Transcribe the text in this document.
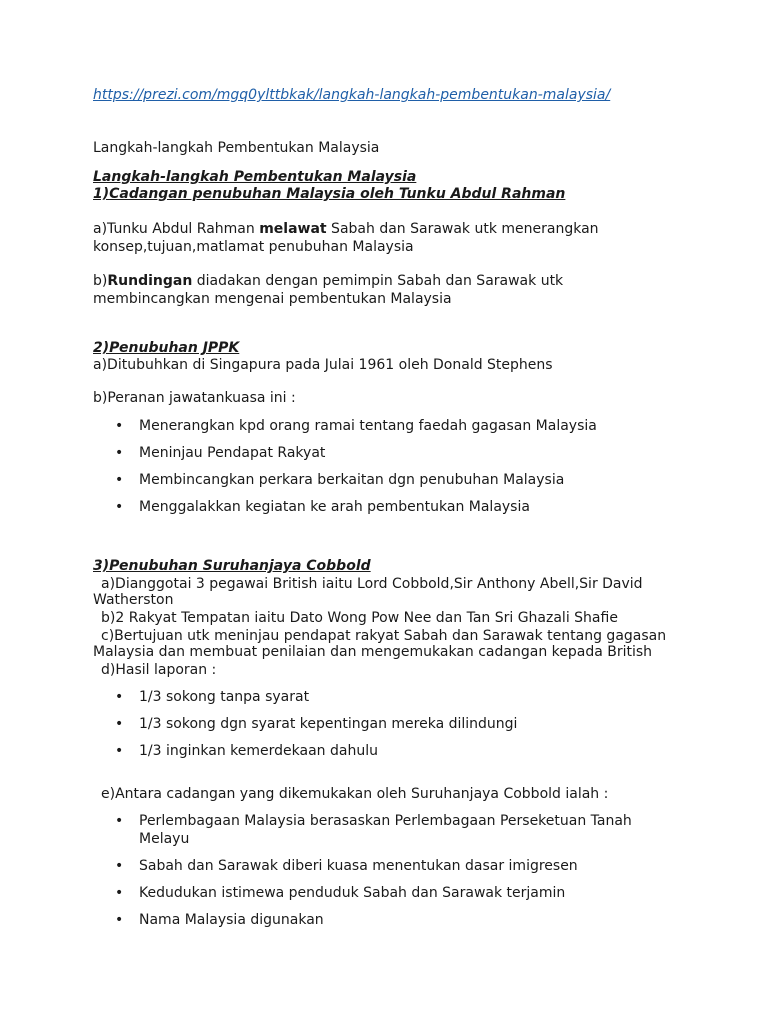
https://prezi.com/mgq0ylttbkak/langkah-langkah-pembentukan-malaysia/
Langkah-langkah Pembentukan Malaysia
Langkah-langkah Pembentukan Malaysia
1)Cadangan penubuhan Malaysia oleh Tunku Abdul Rahman
a)Tunku Abdul Rahman melawat Sabah dan Sarawak utk menerangkan
konsep,tujuan,matlamat penubuhan Malaysia
b)Rundingan diadakan dengan pemimpin Sabah dan Sarawak utk
membincangkan mengenai pembentukan Malaysia
2)Penubuhan JPPK
a)Ditubuhkan di Singapura pada Julai 1961 oleh Donald Stephens
b)Peranan jawatankuasa ini :
• Menerangkan kpd orang ramai tentang faedah gagasan Malaysia
• Meninjau Pendapat Rakyat
• Membincangkan perkara berkaitan dgn penubuhan Malaysia
• Menggalakkan kegiatan ke arah pembentukan Malaysia
3)Penubuhan Suruhanjaya Cobbold
a)Dianggotai 3 pegawai British iaitu Lord Cobbold,Sir Anthony Abell,Sir David
Watherston
b)2 Rakyat Tempatan iaitu Dato Wong Pow Nee dan Tan Sri Ghazali Shafie
c)Bertujuan utk meninjau pendapat rakyat Sabah dan Sarawak tentang gagasan
Malaysia dan membuat penilaian dan mengemukakan cadangan kepada British
d)Hasil laporan :
• 1/3 sokong tanpa syarat
• 1/3 sokong dgn syarat kepentingan mereka dilindungi
• 1/3 inginkan kemerdekaan dahulu
e)Antara cadangan yang dikemukakan oleh Suruhanjaya Cobbold ialah :
• Perlembagaan Malaysia berasaskan Perlembagaan Perseketuan Tanah Melayu
• Sabah dan Sarawak diberi kuasa menentukan dasar imigresen
• Kedudukan istimewa penduduk Sabah dan Sarawak terjamin
• Nama Malaysia digunakan
